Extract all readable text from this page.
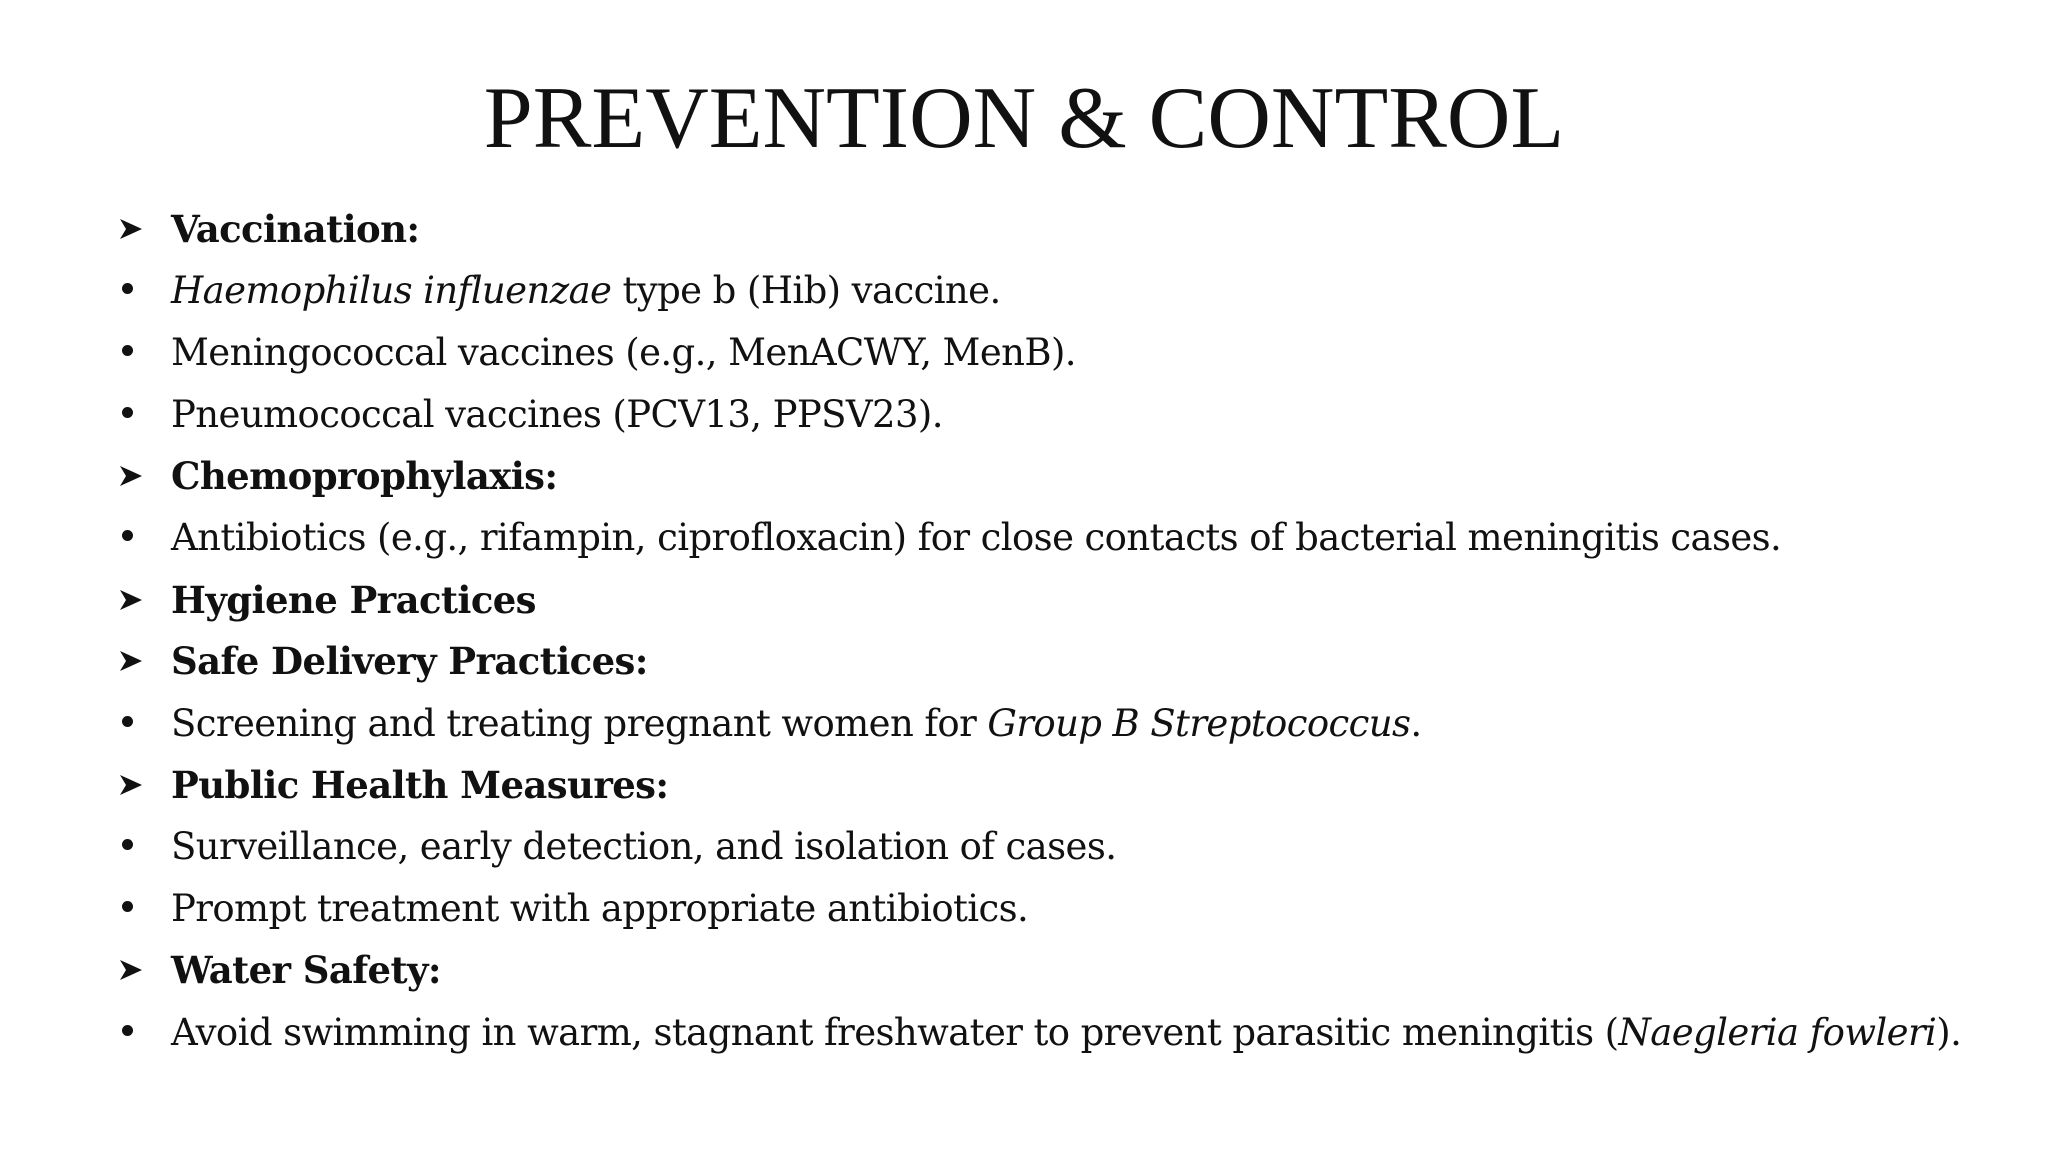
PREVENTION & CONTROL
Vaccination:
Haemophilus influenzae type b (Hib) vaccine.
Meningococcal vaccines (e.g., MenACWY, MenB).
Pneumococcal vaccines (PCV13, PPSV23).
Chemoprophylaxis:
Antibiotics (e.g., rifampin, ciprofloxacin) for close contacts of bacterial meningitis cases.
Hygiene Practices
Safe Delivery Practices:
Screening and treating pregnant women for Group B Streptococcus .
Public Health Measures:
Surveillance, early detection, and isolation of cases.
Prompt treatment with appropriate antibiotics.
Water Safety:
Avoid swimming in warm, stagnant freshwater to prevent parasitic meningitis ( Naegleria fowleri ).
